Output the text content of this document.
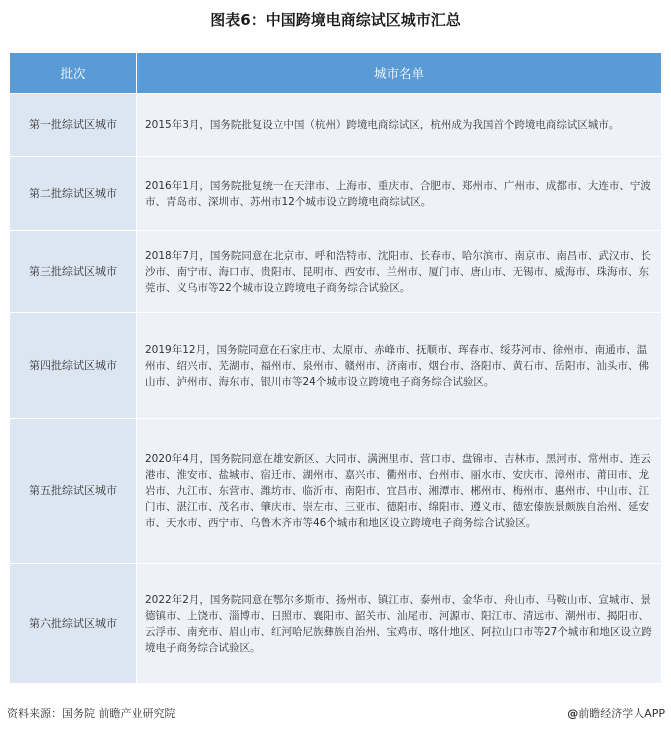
图表6：中国跨境电商综试区城市汇总
批次	城市名单
第一批综试区城市	2015年3月，国务院批复设立中国（杭州）跨境电商综试区，杭州成为我国首个跨境电商综试区城市。
第二批综试区城市	2016年1月，国务院批复统一在天津市、上海市、重庆市、合肥市、郑州市、广州市、成都市、大连市、宁波市、青岛市、深圳市、苏州市12个城市设立跨境电商综试区。
第三批综试区城市	2018年7月，国务院同意在北京市、呼和浩特市、沈阳市、长春市、哈尔滨市、南京市、南昌市、武汉市、长沙市、南宁市、海口市、贵阳市、昆明市、西安市、兰州市、厦门市、唐山市、无锡市、威海市、珠海市、东莞市、义乌市等22个城市设立跨境电子商务综合试验区。
第四批综试区城市	2019年12月，国务院同意在石家庄市、太原市、赤峰市、抚顺市、珲春市、绥芬河市、徐州市、南通市、温州市、绍兴市、芜湖市、福州市、泉州市、赣州市、济南市、烟台市、洛阳市、黄石市、岳阳市、汕头市、佛山市、泸州市、海东市、银川市等24个城市设立跨境电子商务综合试验区。
第五批综试区城市	2020年4月，国务院同意在雄安新区、大同市、满洲里市、营口市、盘锦市、吉林市、黑河市、常州市、连云港市、淮安市、盐城市、宿迁市、湖州市、嘉兴市、衢州市、台州市、丽水市、安庆市、漳州市、莆田市、龙岩市、九江市、东营市、潍坊市、临沂市、南阳市、宜昌市、湘潭市、郴州市、梅州市、惠州市、中山市、江门市、湛江市、茂名市、肇庆市、崇左市、三亚市、德阳市、绵阳市、遵义市、德宏傣族景颇族自治州、延安市、天水市、西宁市、乌鲁木齐市等46个城市和地区设立跨境电子商务综合试验区。
第六批综试区城市	2022年2月，国务院同意在鄂尔多斯市、扬州市、镇江市、泰州市、金华市、舟山市、马鞍山市、宣城市、景德镇市、上饶市、淄博市、日照市、襄阳市、韶关市、汕尾市、河源市、阳江市、清远市、潮州市、揭阳市、云浮市、南充市、眉山市、红河哈尼族彝族自治州、宝鸡市、喀什地区、阿拉山口市等27个城市和地区设立跨境电子商务综合试验区。
资料来源：国务院 前瞻产业研究院	@前瞻经济学人APP
